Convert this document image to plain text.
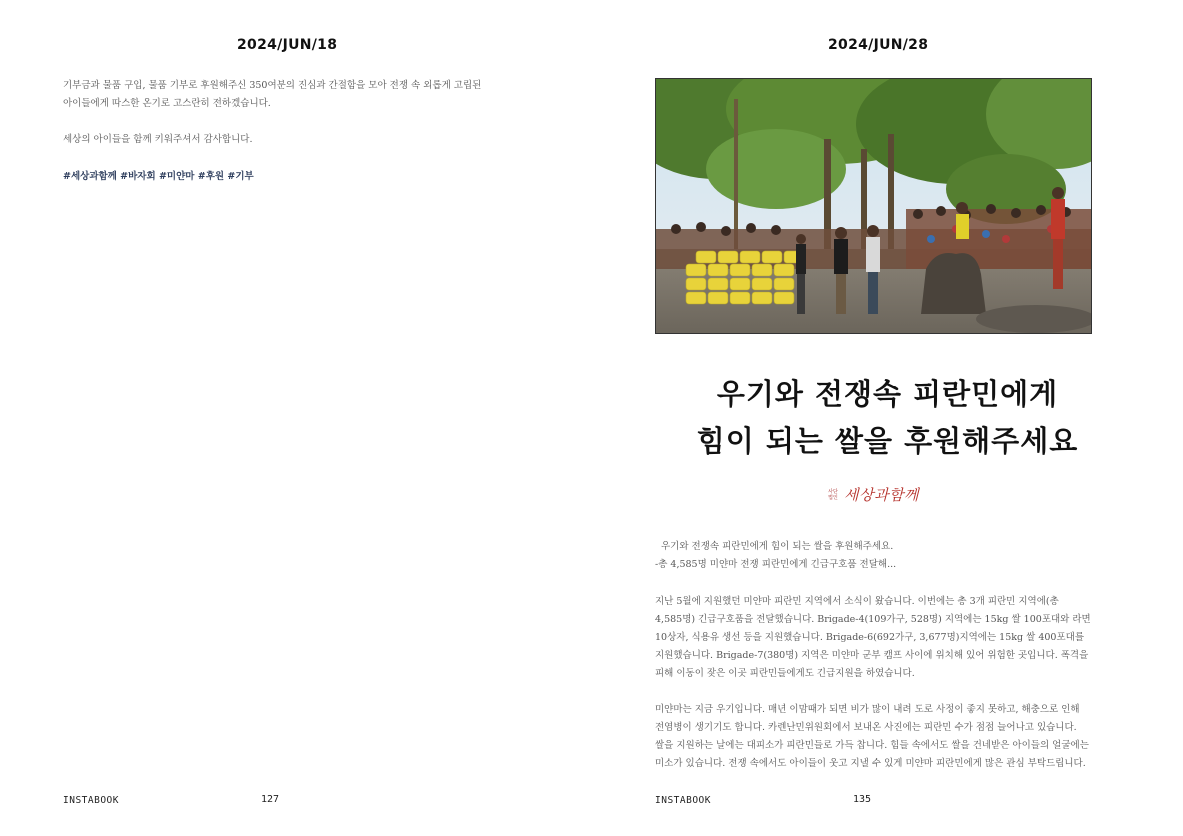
2024/JUN/18

기부금과 물품 구입, 물품 기부로 후원해주신 350여분의 진심과 간절함을 모아 전쟁 속 외롭게 고립된

아이들에게 따스한 온기로 고스란히 전하겠습니다.

세상의 아이들을 함께 키워주셔서 감사합니다.

#세상과함께 #바자회 #미얀마 #후원 #기부
INSTABOOK	127
2024/JUN/28
우기와 전쟁속 피란민에게
힘이 되는 쌀을 후원해주세요
사단 법인 세상과함께

우기와 전쟁속 피란민에게 힘이 되는 쌀을 후원해주세요.

-총 4,585명 미얀마 전쟁 피란민에게 긴급구호품 전달해...

지난 5월에 지원했던 미얀마 피란민 지역에서 소식이 왔습니다. 이번에는 총 3개 피란민 지역에(총

4,585명) 긴급구호품을 전달했습니다. Brigade-4(109가구, 528명) 지역에는 15kg 쌀 100포대와 라면

10상자, 식용유 생선 등을 지원했습니다. Brigade-6(692가구, 3,677명)지역에는 15kg 쌀 400포대를

지원했습니다. Brigade-7(380명) 지역은 미얀마 군부 캠프 사이에 위치해 있어 위험한 곳입니다. 폭격을

피해 이동이 잦은 이곳 피란민들에게도 긴급지원을 하였습니다.

미얀마는 지금 우기입니다. 매년 이맘때가 되면 비가 많이 내려 도로 사정이 좋지 못하고, 해충으로 인해

전염병이 생기기도 합니다. 카렌난민위원회에서 보내온 사진에는 피란민 수가 점점 늘어나고 있습니다.

쌀을 지원하는 날에는 대피소가 피란민들로 가득 찹니다. 힘들 속에서도 쌀을 건네받은 아이들의 얼굴에는

미소가 있습니다. 전쟁 속에서도 아이들이 웃고 지낼 수 있게 미얀마 피란민에게 많은 관심 부탁드립니다.

INSTABOOK	135
